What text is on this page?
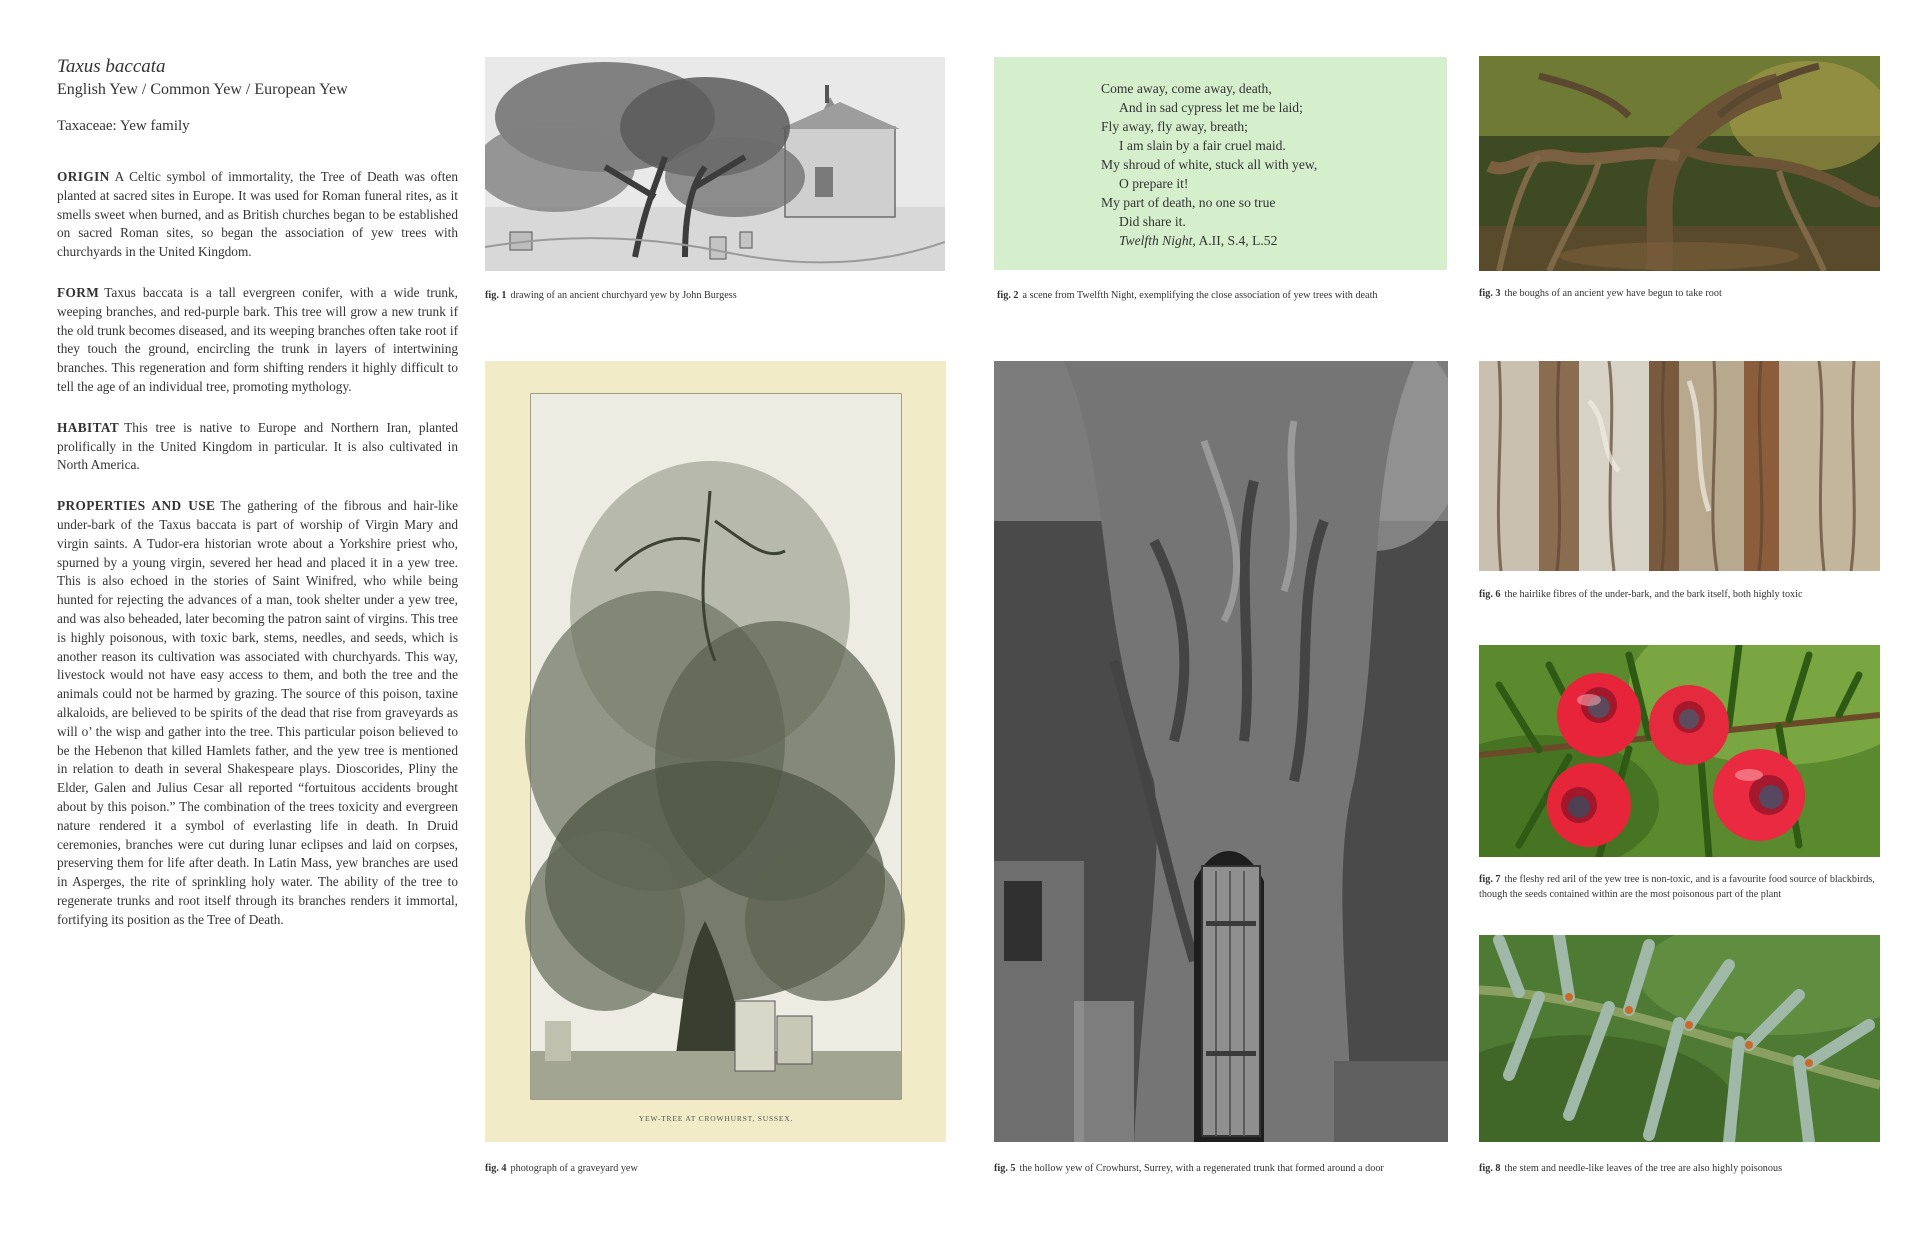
Taxus baccata
English Yew / Common Yew / European Yew
Taxaceae: Yew family

ORIGIN A Celtic symbol of immortality, the Tree of Death was often planted at sacred sites in Europe. It was used for Roman funeral rites, as it smells sweet when burned, and as British churches began to be established on sacred Roman sites, so began the association of yew trees with churchyards in the United Kingdom.

FORM Taxus baccata is a tall evergreen conifer, with a wide trunk, weeping branches, and red-purple bark. This tree will grow a new trunk if the old trunk becomes diseased, and its weeping branches often take root if they touch the ground, encircling the trunk in layers of intertwining branches. This regeneration and form shifting renders it highly difficult to tell the age of an individual tree, promoting mythology.

HABITAT This tree is native to Europe and Northern Iran, planted prolifically in the United Kingdom in particular. It is also cultivated in North America.

PROPERTIES AND USE The gathering of the fibrous and hair-like under-bark of the Taxus baccata is part of worship of Virgin Mary and virgin saints. A Tudor-era historian wrote about a Yorkshire priest who, spurned by a young virgin, severed her head and placed it in a yew tree. This is also echoed in the stories of Saint Winifred, who while being hunted for rejecting the advances of a man, took shelter under a yew tree, and was also beheaded, later becoming the patron saint of virgins. This tree is highly poisonous, with toxic bark, stems, needles, and seeds, which is another reason its cultivation was associated with churchyards. This way, livestock would not have easy access to them, and both the tree and the animals could not be harmed by grazing. The source of this poison, taxine alkaloids, are believed to be spirits of the dead that rise from graveyards as will o’ the wisp and gather into the tree. This particular poison believed to be the Hebenon that killed Hamlets father, and the yew tree is mentioned in relation to death in several Shakespeare plays. Dioscorides, Pliny the Elder, Galen and Julius Cesar all reported “fortuitous accidents brought about by this poison.” The combination of the trees toxicity and evergreen nature rendered it a symbol of everlasting life in death. In Druid ceremonies, branches were cut during lunar eclipses and laid on corpses, preserving them for life after death. In Latin Mass, yew branches are used in Asperges, the rite of sprinkling holy water. The ability of the tree to regenerate trunks and root itself through its branches renders it immortal, fortifying its position as the Tree of Death.

fig. 1 drawing of an ancient churchyard yew by John Burgess
Come away, come away, death,
And in sad cypress let me be laid;
Fly away, fly away, breath;
I am slain by a fair cruel maid.
My shroud of white, stuck all with yew,
O prepare it!
My part of death, no one so true
Did share it.
Twelfth Night, A.II, S.4, L.52
fig. 2 a scene from Twelfth Night, exemplifying the close association of yew trees with death	fig. 3 the boughs of an ancient yew have begun to take root
YEW-TREE AT CROWHURST, SUSSEX.
fig. 4 photograph of a graveyard yew	fig. 5 the hollow yew of Crowhurst, Surrey, with a regenerated trunk that formed around a door
fig. 6 the hairlike fibres of the under-bark, and the bark itself, both highly toxic
fig. 7 the fleshy red aril of the yew tree is non-toxic, and is a favourite food source of blackbirds, though the seeds contained within are the most poisonous part of the plant
fig. 8 the stem and needle-like leaves of the tree are also highly poisonous
